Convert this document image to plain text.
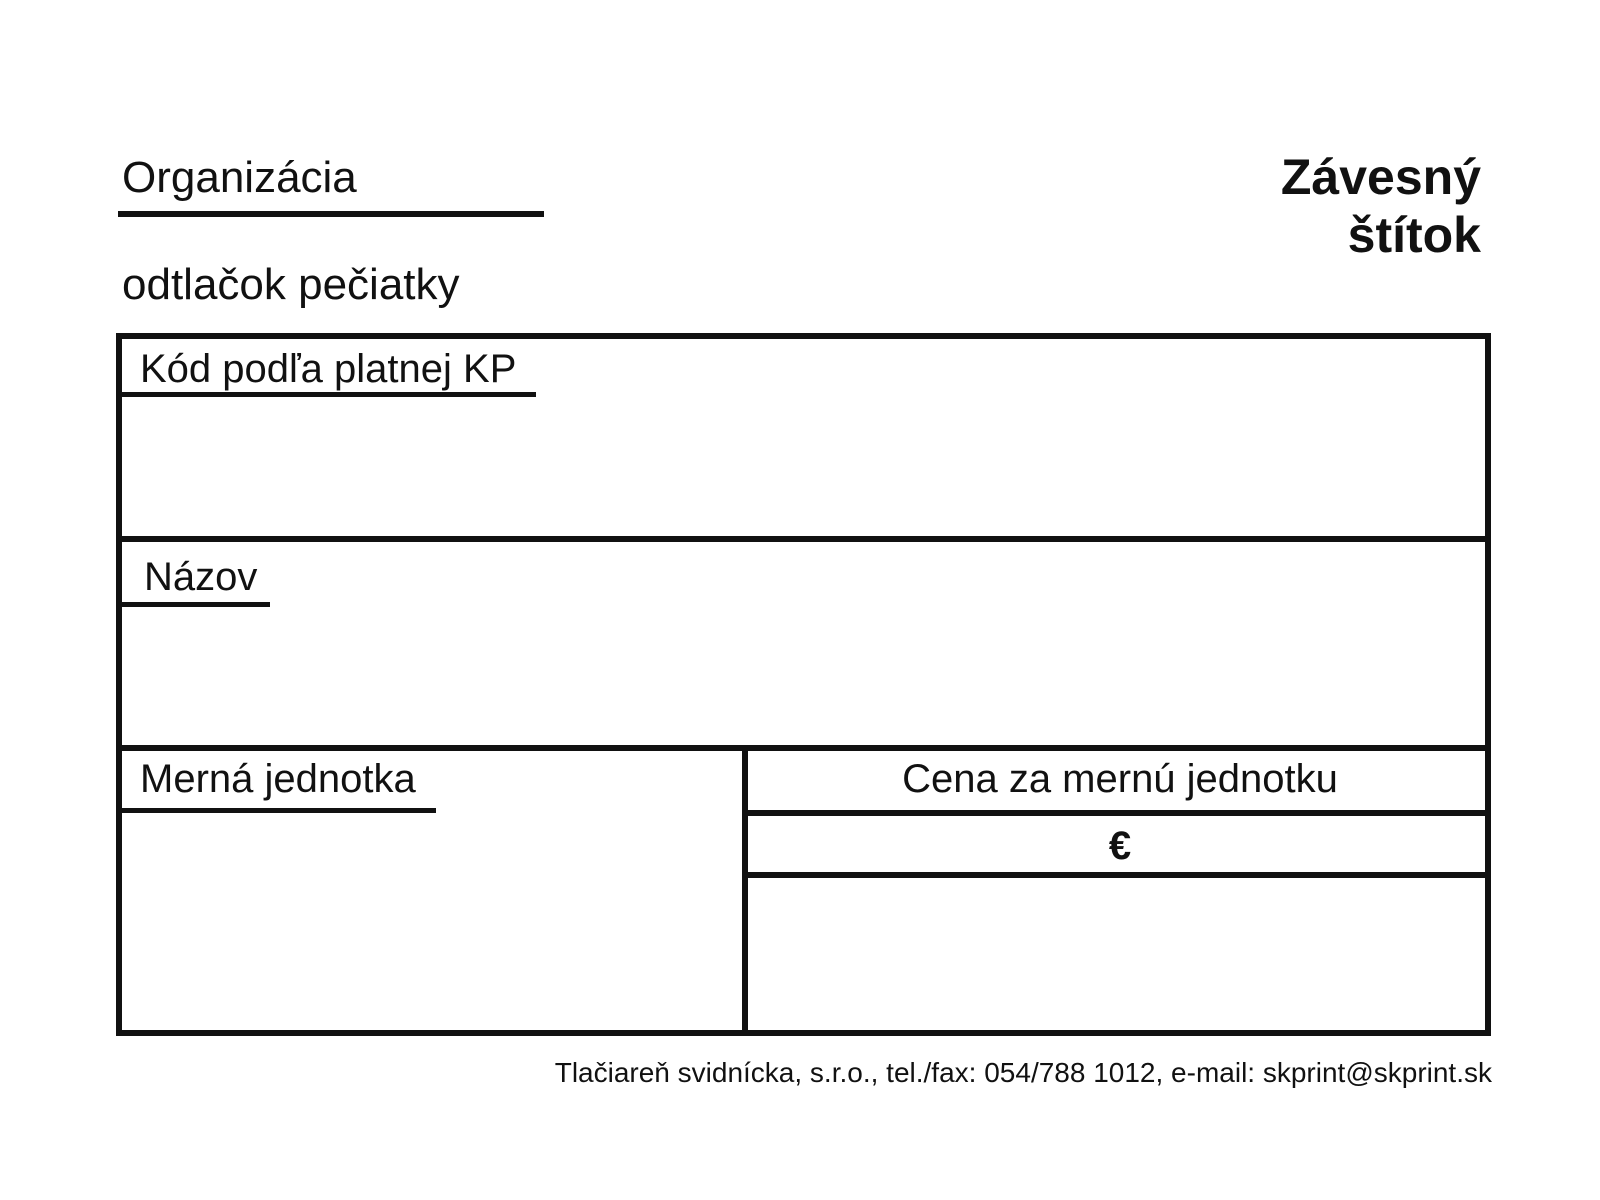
Organizácia
odtlačok pečiatky
Závesný
štítok
Kód podľa platnej KP
Názov
Merná jednotka	Cena za mernú jednotku
€
Tlačiareň svidnícka, s.r.o., tel./fax: 054/788 1012, e-mail: skprint@skprint.sk
